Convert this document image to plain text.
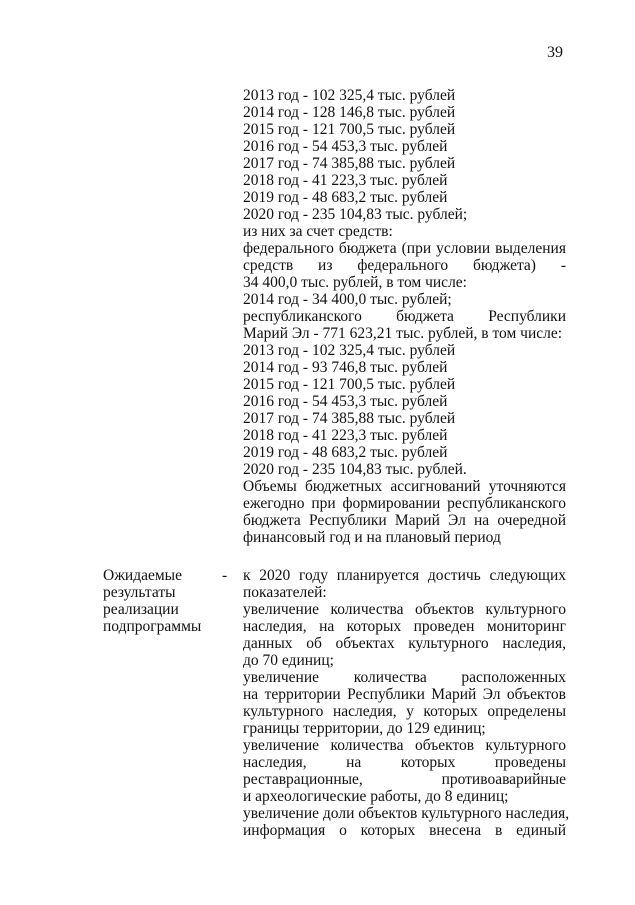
39
2013 год - 102 325,4 тыс. рублей
2014 год - 128 146,8 тыс. рублей
2015 год - 121 700,5 тыс. рублей
2016 год - 54 453,3 тыс. рублей
2017 год - 74 385,88 тыс. рублей
2018 год - 41 223,3 тыс. рублей
2019 год - 48 683,2 тыс. рублей
2020 год - 235 104,83 тыс. рублей;
из них за счет средств:
федерального бюджета (при условии выделения
средств из федерального бюджета) -
34 400,0 тыс. рублей, в том числе:
2014 год - 34 400,0 тыс. рублей;
республиканского бюджета Республики
Марий Эл - 771 623,21 тыс. рублей, в том числе:
2013 год - 102 325,4 тыс. рублей
2014 год - 93 746,8 тыс. рублей
2015 год - 121 700,5 тыс. рублей
2016 год - 54 453,3 тыс. рублей
2017 год - 74 385,88 тыс. рублей
2018 год - 41 223,3 тыс. рублей
2019 год - 48 683,2 тыс. рублей
2020 год - 235 104,83 тыс. рублей.
Объемы бюджетных ассигнований уточняются
ежегодно при формировании республиканского
бюджета Республики Марий Эл на очередной
финансовый год и на плановый период
Ожидаемые
результаты
реализации
подпрограммы
- к 2020 году планируется достичь следующих
показателей:
увеличение количества объектов культурного
наследия, на которых проведен мониторинг
данных об объектах культурного наследия,
до 70 единиц;
увеличение количества расположенных
на территории Республики Марий Эл объектов
культурного наследия, у которых определены
границы территории, до 129 единиц;
увеличение количества объектов культурного
наследия, на которых проведены
реставрационные, противоаварийные
и археологические работы, до 8 единиц;
увеличение доли объектов культурного наследия,
информация о которых внесена в единый
